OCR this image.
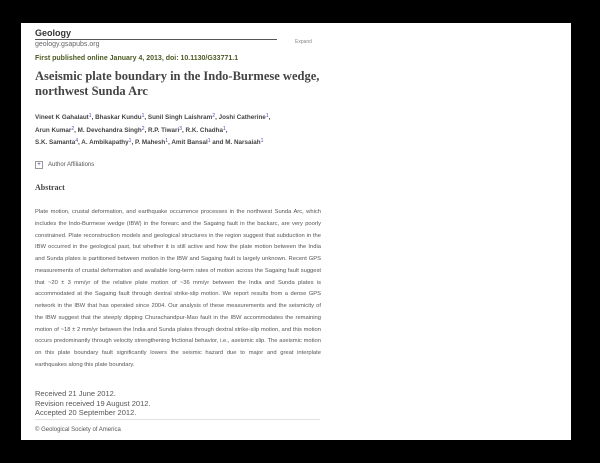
Geology
geology.gsapubs.org	Expand
First published online January 4, 2013, doi: 10.1130/G33771.1
Aseismic plate boundary in the Indo-Burmese wedge, northwest Sunda Arc
Vineet K Gahalaut$^1$, Bhaskar Kundu$^1$, Sunil Singh Laishram$^2$, Joshi Catherine$^1$,
Arun Kumar$^2$, M. Devchandra Singh$^2$, R.P. Tiwari$^3$, R.K. Chadha$^1$,
S.K. Samanta$^4$, A. Ambikapathy$^1$, P. Mahesh$^1$, Amit Bansal$^1$ and M. Narsaiah$^1$
+	Author Affiliations
Abstract
Plate motion, crustal deformation, and earthquake occurrence processes in the northwest Sunda Arc, which includes the Indo-Burmese wedge (IBW) in the forearc and the Sagaing fault in the backarc, are very poorly constrained. Plate reconstruction models and geological structures in the region suggest that subduction in the IBW occurred in the geological past, but whether it is still active and how the plate motion between the India and Sunda plates is partitioned between motion in the IBW and Sagaing fault is largely unknown. Recent GPS measurements of crustal deformation and available long-term rates of motion across the Sagaing fault suggest that ~20 ± 3 mm/yr of the relative plate motion of ~36 mm/yr between the India and Sunda plates is accommodated at the Sagaing fault through dextral strike-slip motion. We report results from a dense GPS network in the IBW that has operated since 2004. Our analysis of these measurements and the seismicity of the IBW suggest that the steeply dipping Churachandpur-Mao fault in the IBW accommodates the remaining motion of ~18 ± 2 mm/yr between the India and Sunda plates through dextral strike-slip motion, and this motion occurs predominantly through velocity strengthening frictional behavior, i.e., aseismic slip. The aseismic motion on this plate boundary fault significantly lowers the seismic hazard due to major and great interplate earthquakes along this plate boundary.
Received 21 June 2012.
Revision received 19 August 2012.
Accepted 20 September 2012.
© Geological Society of America
